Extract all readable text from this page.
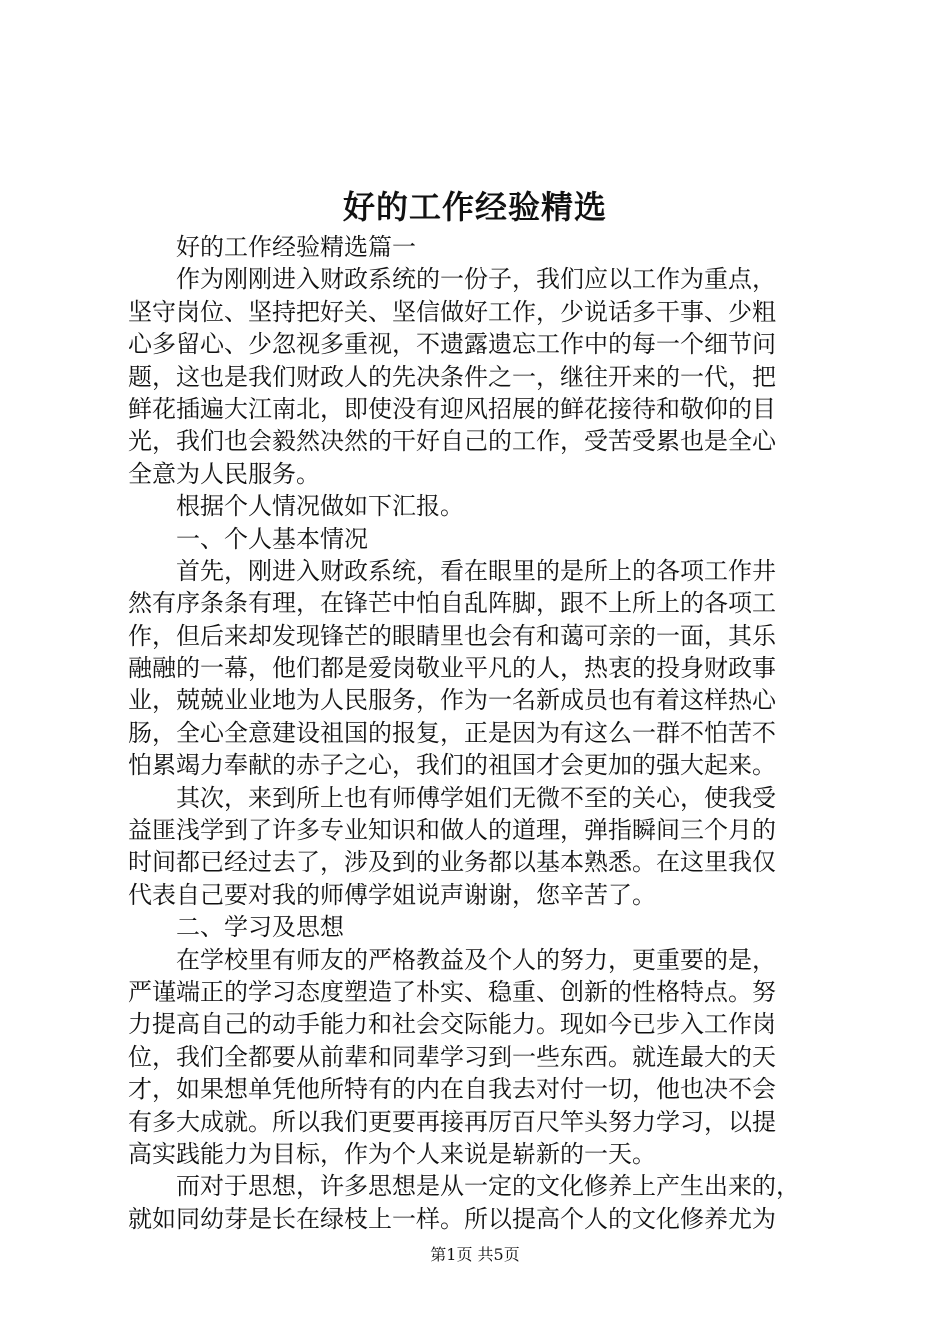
好的工作经验精选
　　好的工作经验精选篇一
　　作为刚刚进入财政系统的一份子，我们应以工作为重点，
坚守岗位、坚持把好关、坚信做好工作，少说话多干事、少粗
心多留心、少忽视多重视，不遗露遗忘工作中的每一个细节问
题，这也是我们财政人的先决条件之一，继往开来的一代，把
鲜花插遍大江南北，即使没有迎风招展的鲜花接待和敬仰的目
光，我们也会毅然决然的干好自己的工作，受苦受累也是全心
全意为人民服务。
　　根据个人情况做如下汇报。
　　一、个人基本情况
　　首先，刚进入财政系统，看在眼里的是所上的各项工作井
然有序条条有理，在锋芒中怕自乱阵脚，跟不上所上的各项工
作，但后来却发现锋芒的眼睛里也会有和蔼可亲的一面，其乐
融融的一幕，他们都是爱岗敬业平凡的人，热衷的投身财政事
业，兢兢业业地为人民服务，作为一名新成员也有着这样热心
肠，全心全意建设祖国的报复，正是因为有这么一群不怕苦不
怕累竭力奉献的赤子之心，我们的祖国才会更加的强大起来。
　　其次，来到所上也有师傅学姐们无微不至的关心，使我受
益匪浅学到了许多专业知识和做人的道理，弹指瞬间三个月的
时间都已经过去了，涉及到的业务都以基本熟悉。在这里我仅
代表自己要对我的师傅学姐说声谢谢，您辛苦了。
　　二、学习及思想
　　在学校里有师友的严格教益及个人的努力，更重要的是，
严谨端正的学习态度塑造了朴实、稳重、创新的性格特点。努
力提高自己的动手能力和社会交际能力。现如今已步入工作岗
位，我们全都要从前辈和同辈学习到一些东西。就连最大的天
才，如果想单凭他所特有的内在自我去对付一切，他也决不会
有多大成就。所以我们更要再接再厉百尺竿头努力学习，以提
高实践能力为目标，作为个人来说是崭新的一天。
　　而对于思想，许多思想是从一定的文化修养上产生出来的，
就如同幼芽是长在绿枝上一样。所以提高个人的文化修养尤为
第1页 共5页
